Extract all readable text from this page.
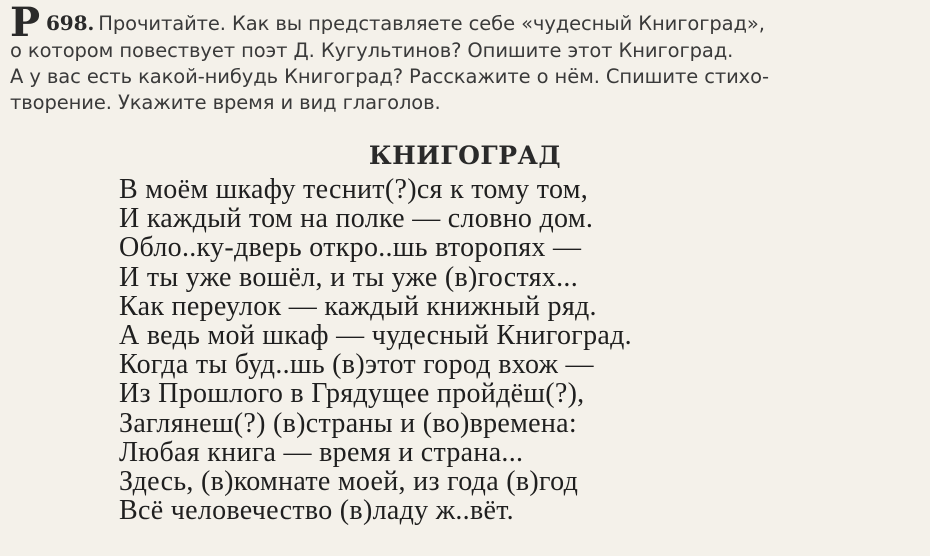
Р 698. Прочитайте. Как вы представляете себе «чудесный Книгоград»,
о котором повествует поэт Д. Кугультинов? Опишите этот Книгоград.
А у вас есть какой-нибудь Книгоград? Расскажите о нём. Спишите стихо-
творение. Укажите время и вид глаголов.
КНИГОГРАД
В моём шкафу теснит(?)ся к тому том,
И каждый том на полке — словно дом.
Обло..ку-дверь откро..шь второпях —
И ты уже вошёл, и ты уже (в)гостях...
Как переулок — каждый книжный ряд.
А ведь мой шкаф — чудесный Книгоград.
Когда ты буд..шь (в)этот город вхож —
Из Прошлого в Грядущее пройдёш(?),
Заглянеш(?) (в)страны и (во)времена:
Любая книга — время и страна...
Здесь, (в)комнате моей, из года (в)год
Всё человечество (в)ладу ж..вёт.
